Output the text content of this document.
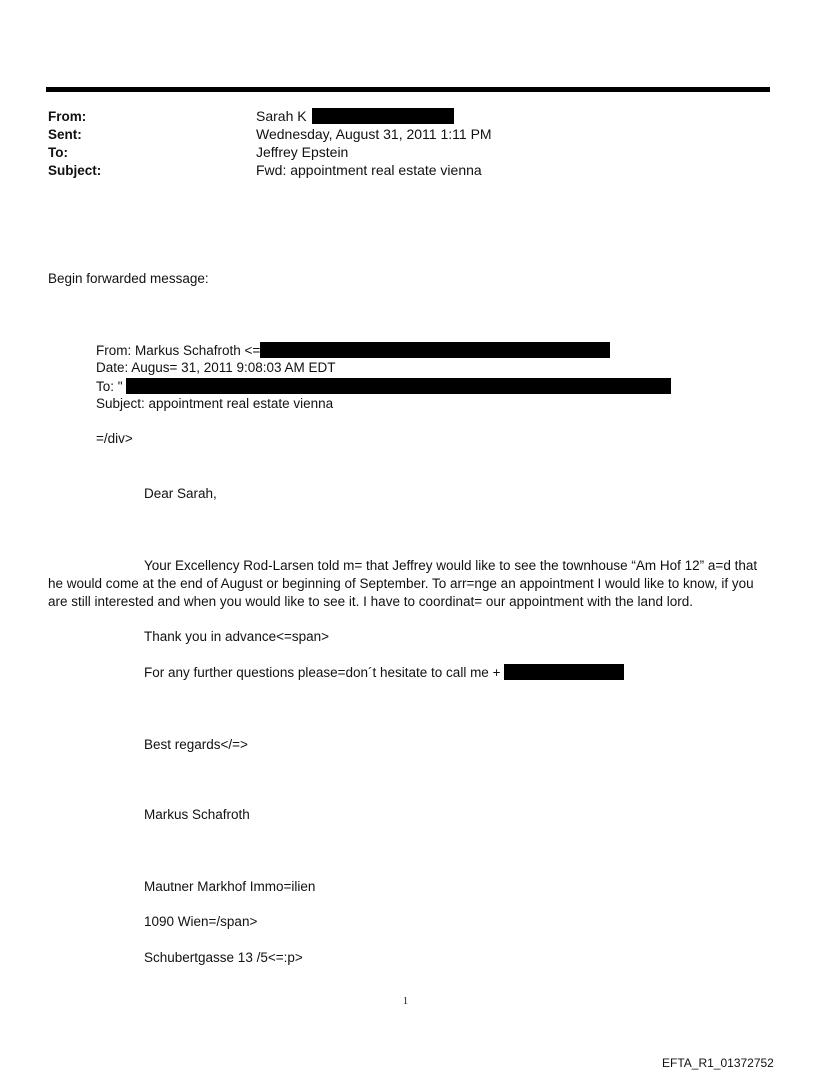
From:	Sarah K
Sent:	Wednesday, August 31, 2011 1:11 PM
To:	Jeffrey Epstein
Subject:	Fwd: appointment real estate vienna
Begin forwarded message:
From: Markus Schafroth <=
Date: Augus= 31, 2011 9:08:03 AM EDT
To: "
Subject: appointment real estate vienna
=/div>
Dear Sarah,
Your Excellency Rod-Larsen told m= that Jeffrey would like to see the townhouse “Am Hof 12” a=d that he would come at the end of August or beginning of September. To arr=nge an appointment I would like to know, if you are still interested and when you would like to see it. I have to coordinat= our appointment with the land lord.
Thank you in advance<=span>
For any further questions please=don´t hesitate to call me +
Best regards</=>
Markus Schafroth
Mautner Markhof Immo=ilien
1090 Wien=/span>
Schubertgasse 13 /5<=:p>
1
EFTA_R1_01372752
